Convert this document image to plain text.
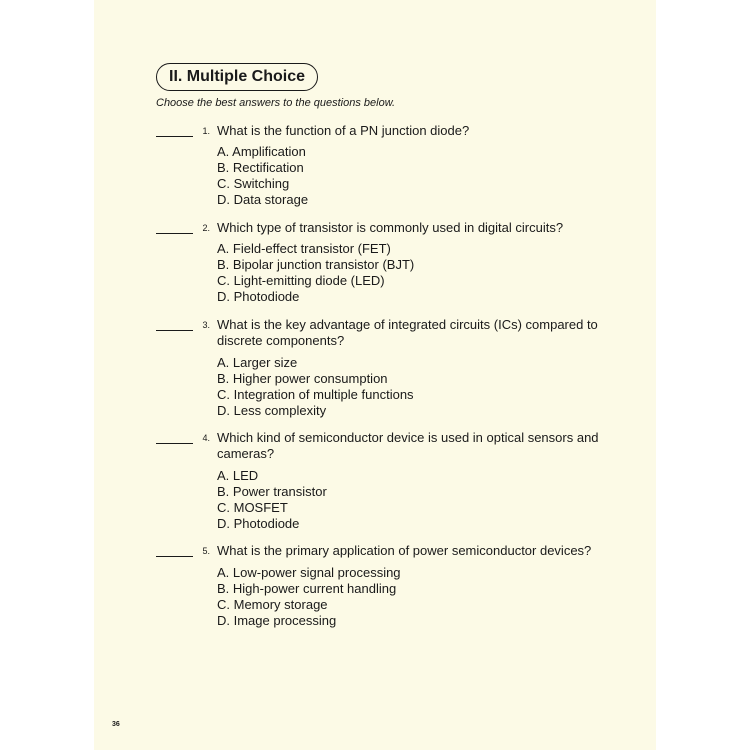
II. Multiple Choice
Choose the best answers to the questions below.
1. What is the function of a PN junction diode?
A. Amplification
B. Rectification
C. Switching
D. Data storage
2. Which type of transistor is commonly used in digital circuits?
A. Field-effect transistor (FET)
B. Bipolar junction transistor (BJT)
C. Light-emitting diode (LED)
D. Photodiode
3. What is the key advantage of integrated circuits (ICs) compared to discrete components?
A. Larger size
B. Higher power consumption
C. Integration of multiple functions
D. Less complexity
4. Which kind of semiconductor device is used in optical sensors and cameras?
A. LED
B. Power transistor
C. MOSFET
D. Photodiode
5. What is the primary application of power semiconductor devices?
A. Low-power signal processing
B. High-power current handling
C. Memory storage
D. Image processing
36
